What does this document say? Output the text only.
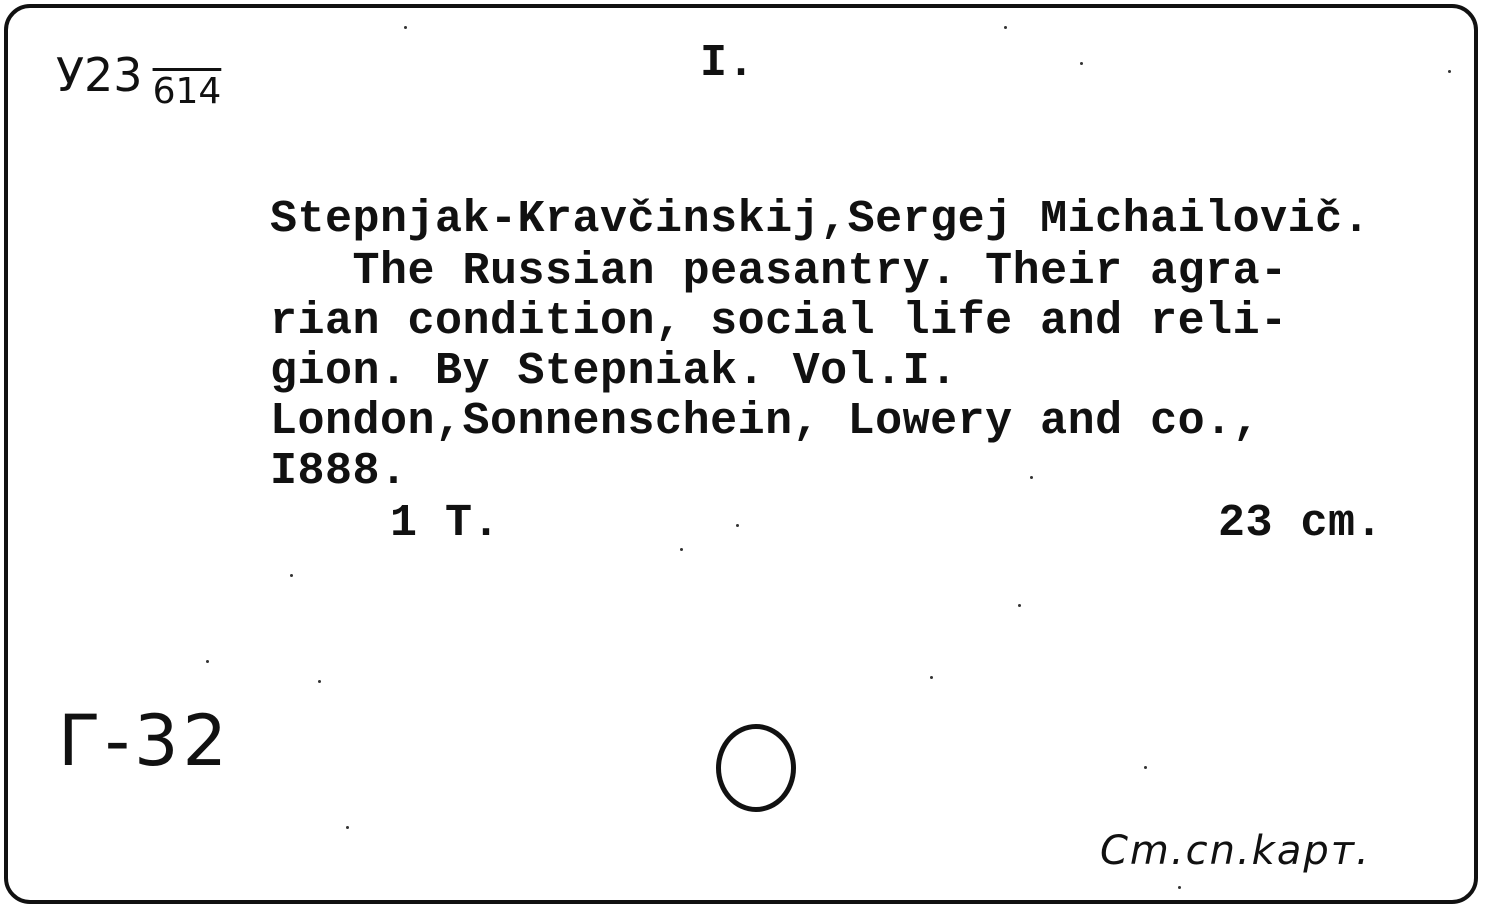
У23 614
I.
Stepnjak-Kravčinskij,Sergej Michailovič.
The Russian peasantry. Their agra-
rian condition, social life and reli-
gion. By Stepniak. Vol.I.
London,Sonnenschein, Lowery and co.,
I888.
1 T.	23 cm.
Г-32
Cm.cn.kapт.
